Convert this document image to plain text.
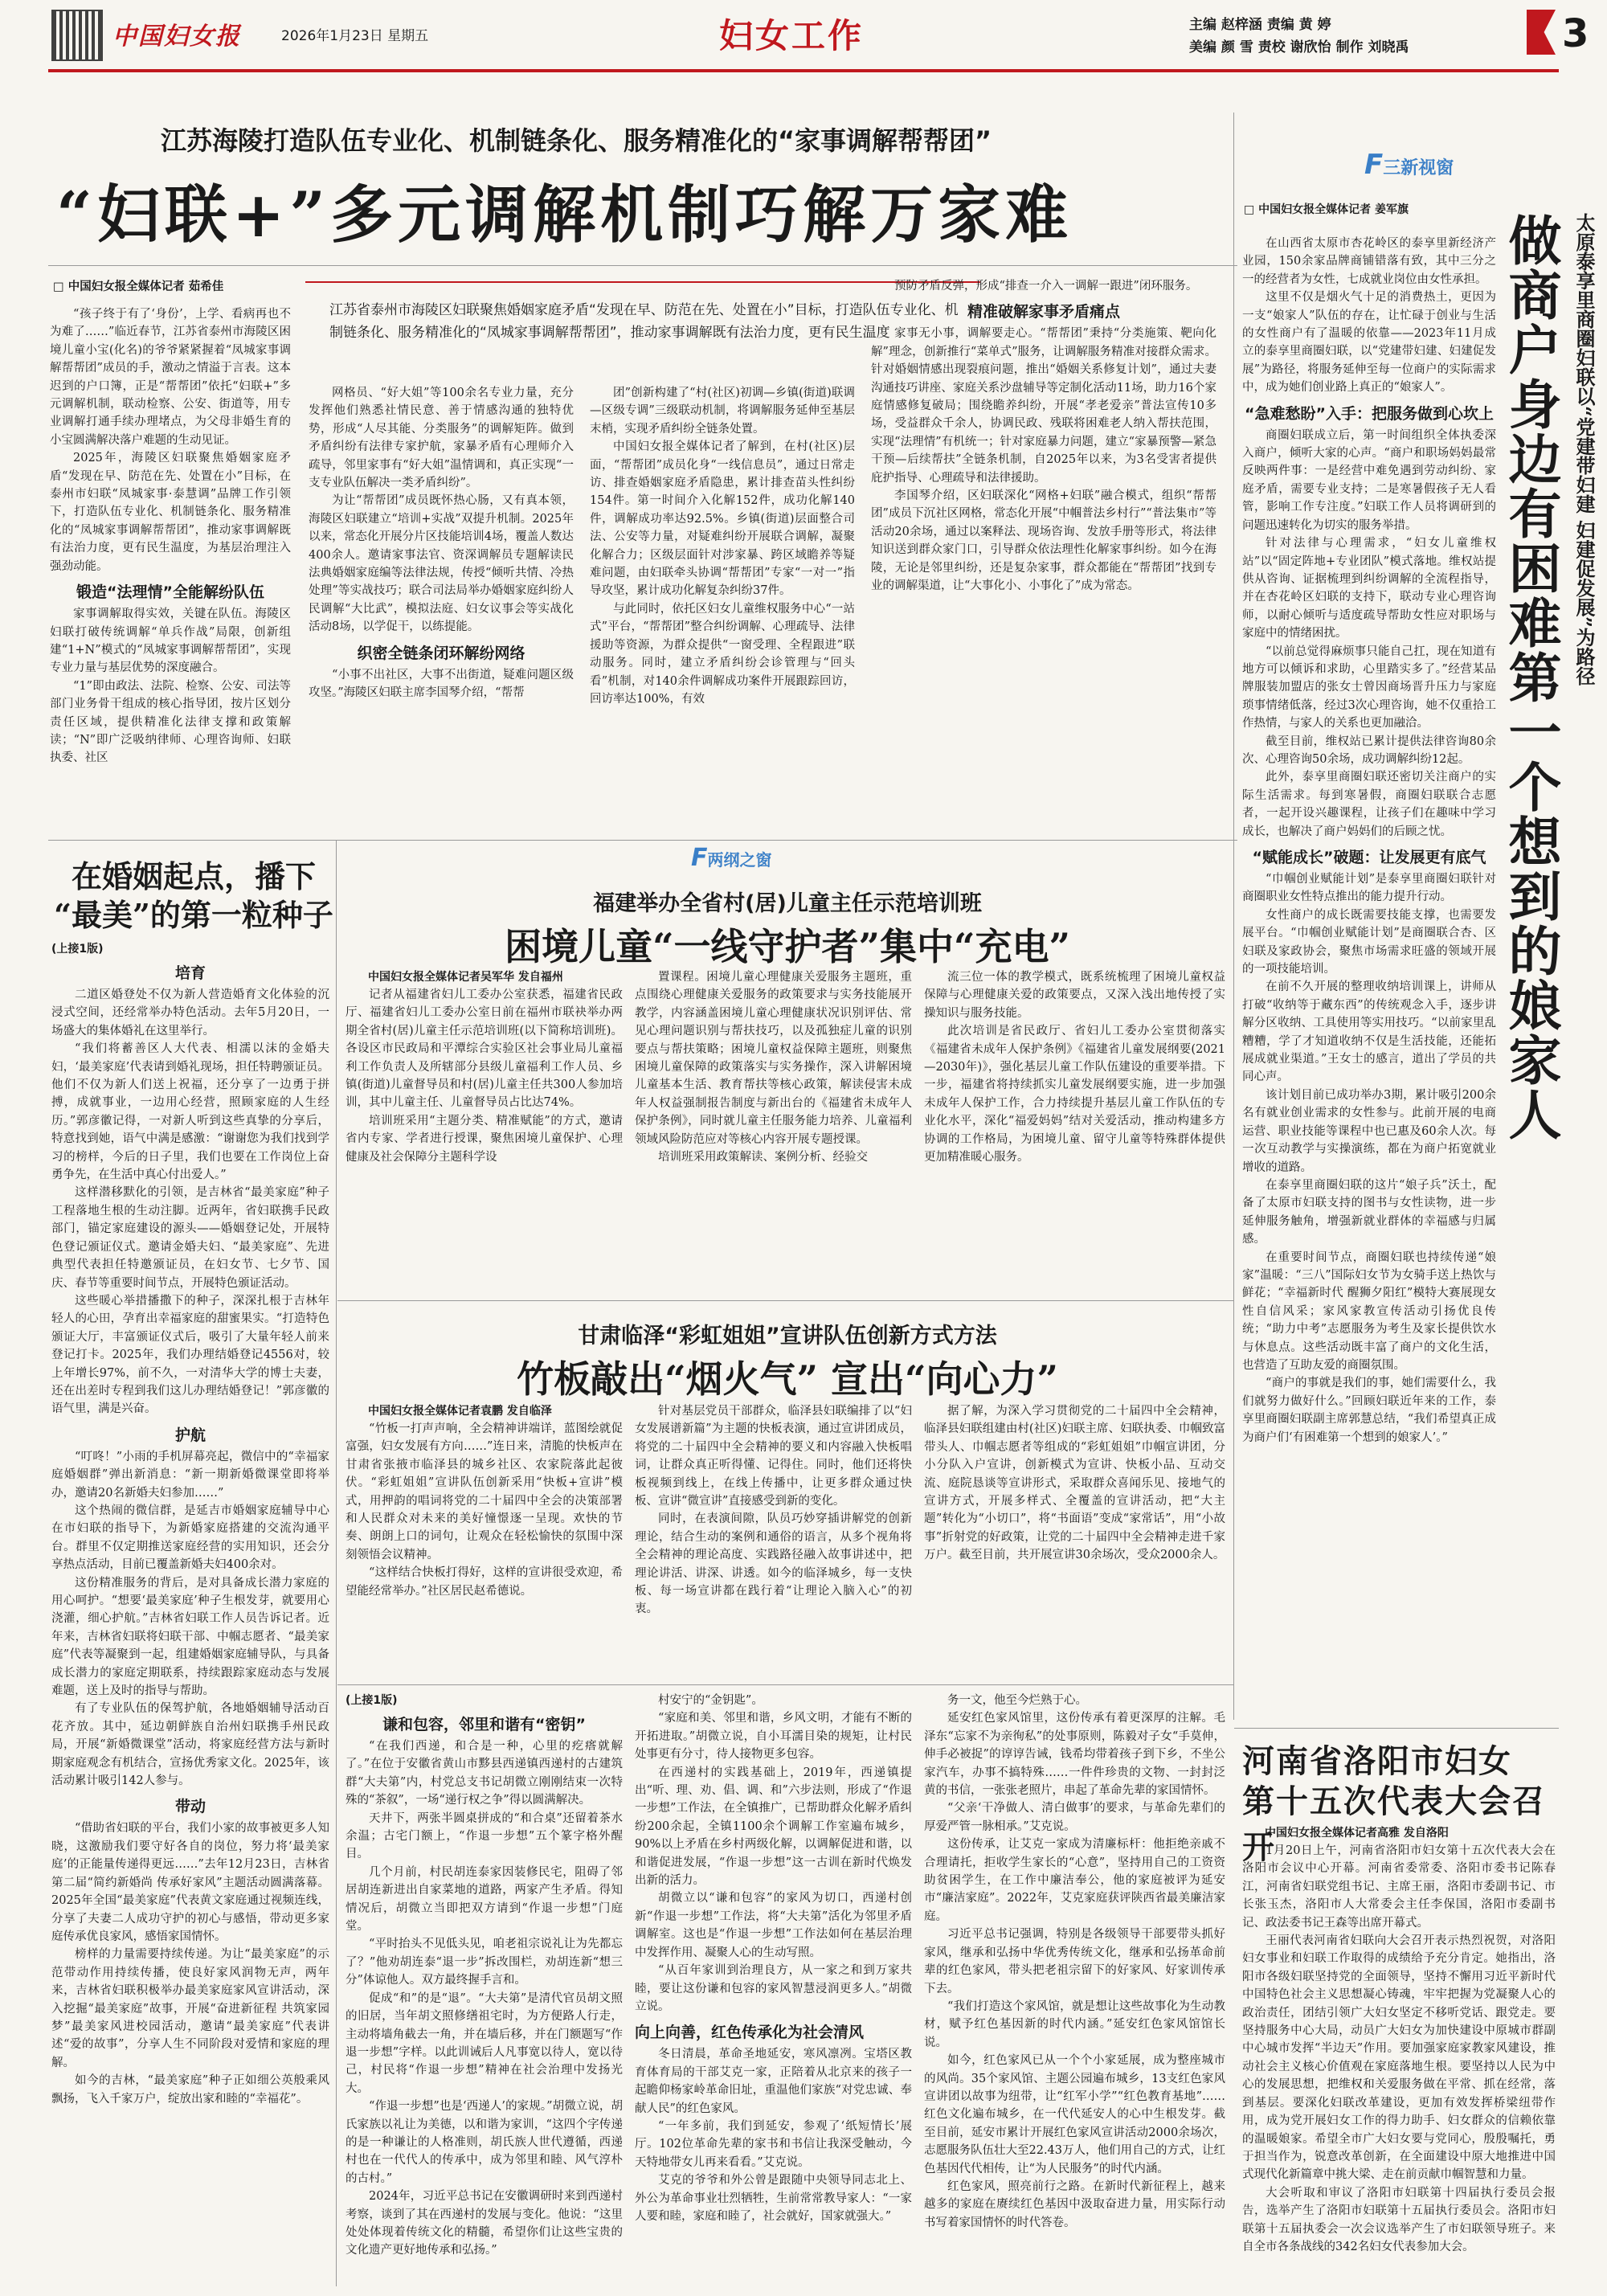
中国妇女报	2026年1月23日 星期五	妇女工作	主编 赵梓涵 责编 黄 婷
美编 颜 雪 责校 谢欣怡 制作 刘晓禹	3
江苏海陵打造队伍专业化、机制链条化、服务精准化的“家事调解帮帮团”
“妇联+”多元调解机制巧解万家难
□ 中国妇女报全媒体记者 茹希佳
江苏省泰州市海陵区妇联聚焦婚姻家庭矛盾“发现在早、防范在先、处置在小”目标，打造队伍专业化、机制链条化、服务精准化的“凤城家事调解帮帮团”，推动家事调解既有法治力度，更有民生温度

“孩子终于有了‘身份’，上学、看病再也不为难了……”临近春节，江苏省泰州市海陵区困境儿童小宝(化名)的爷爷紧紧握着“凤城家事调解帮帮团”成员的手，激动之情溢于言表。这本迟到的户口簿，正是“帮帮团”依托“妇联+”多元调解机制，联动检察、公安、街道等，用专业调解打通手续办理堵点，为父母非婚生育的小宝圆满解决落户难题的生动见证。

2025年，海陵区妇联聚焦婚姻家庭矛盾“发现在早、防范在先、处置在小”目标，在泰州市妇联“凤城家事·泰慧调”品牌工作引领下，打造队伍专业化、机制链条化、服务精准化的“凤城家事调解帮帮团”，推动家事调解既有法治力度，更有民生温度，为基层治理注入强劲动能。

锻造“法理情”全能解纷队伍

家事调解取得实效，关键在队伍。海陵区妇联打破传统调解“单兵作战”局限，创新组建“1+N”模式的“凤城家事调解帮帮团”，实现专业力量与基层优势的深度融合。

“1”即由政法、法院、检察、公安、司法等部门业务骨干组成的核心指导团，按片区划分责任区域，提供精准化法律支撑和政策解读；“N”即广泛吸纳律师、心理咨询师、妇联执委、社区

网格员、“好大姐”等100余名专业力量，充分发挥他们熟悉社情民意、善于情感沟通的独特优势，形成“人尽其能、分类服务”的调解矩阵。做到矛盾纠纷有法律专家护航，家暴矛盾有心理师介入疏导，邻里家事有“好大姐”温情调和，真正实现“一支专业队伍解决一类矛盾纠纷”。

为让“帮帮团”成员既怀热心肠，又有真本领，海陵区妇联建立“培训+实战”双提升机制。2025年以来，常态化开展分片区技能培训4场，覆盖人数达400余人。邀请家事法官、资深调解员专题解读民法典婚姻家庭编等法律法规，传授“倾听共情、冷热处理”等实战技巧；联合司法局举办婚姻家庭纠纷人民调解“大比武”，模拟法庭、妇女议事会等实战化活动8场，以学促干，以练提能。

织密全链条闭环解纷网络

“小事不出社区，大事不出街道，疑难问题区级攻坚。”海陵区妇联主席李国琴介绍，“帮帮

团”创新构建了“村(社区)初调—乡镇(街道)联调—区级专调”三级联动机制，将调解服务延伸至基层末梢，实现矛盾纠纷全链条处置。

中国妇女报全媒体记者了解到，在村(社区)层面，“帮帮团”成员化身“一线信息员”，通过日常走访、排查婚姻家庭矛盾隐患，累计排查苗头性纠纷154件。第一时间介入化解152件，成功化解140件，调解成功率达92.5%。乡镇(街道)层面整合司法、公安等力量，对疑难纠纷开展联合调解，凝聚化解合力；区级层面针对涉家暴、跨区域瞻养等疑难问题，由妇联牵头协调“帮帮团”专家“一对一”指导攻坚，累计成功化解复杂纠纷37件。

与此同时，依托区妇女儿童维权服务中心“一站式”平台，“帮帮团”整合纠纷调解、心理疏导、法律援助等资源，为群众提供“一窗受理、全程跟进”联动服务。同时，建立矛盾纠纷会诊管理与“回头看”机制，对140余件调解成功案件开展跟踪回访，回访率达100%，有效

预防矛盾反弹，形成“排查一介入一调解一跟进”闭环服务。

精准破解家事矛盾痛点

家事无小事，调解要走心。“帮帮团”秉持“分类施策、靶向化解”理念，创新推行“菜单式”服务，让调解服务精准对接群众需求。针对婚姻情感出现裂痕问题，推出“婚姻关系修复计划”，通过夫妻沟通技巧讲座、家庭关系沙盘辅导等定制化活动11场，助力16个家庭情感修复破局；围绕瞻养纠纷，开展“孝老爱亲”普法宣传10多场，受益群众千余人，协调民政、残联将困难老人纳入帮扶范围，实现“法理情”有机统一；针对家庭暴力问题，建立“家暴预警—紧急干预—后续帮扶”全链条机制，自2025年以来，为3名受害者提供庇护指导、心理疏导和法律援助。

李国琴介绍，区妇联深化“网格+妇联”融合模式，组织“帮帮团”成员下沉社区网格，常态化开展“中帼普法乡村行”“普法集市”等活动20余场，通过以案释法、现场咨询、发放手册等形式，将法律知识送到群众家门口，引导群众依法理性化解家事纠纷。如今在海陵，无论是邻里纠纷，还是复杂家事，群众都能在“帮帮团”找到专业的调解渠道，让“大事化小、小事化了”成为常态。

F三新视窗
□ 中国妇女报全媒体记者 姜军旗
做商户身边有困难第一个想到的娘家人 太原泰享里商圈妇联以“党建带妇建 妇建促发展”为路径

在山西省太原市杏花岭区的泰享里新经济产业园，150余家品牌商铺错落有致，其中三分之一的经营者为女性，七成就业岗位由女性承担。

这里不仅是烟火气十足的消费热土，更因为一支“娘家人”队伍的存在，让忙碌于创业与生活的女性商户有了温暖的依靠——2023年11月成立的泰享里商圈妇联，以“党建带妇建、妇建促发展”为路径，将服务延伸至每一位商户的实际需求中，成为她们创业路上真正的“娘家人”。

“急难愁盼”入手：把服务做到心坎上

商圈妇联成立后，第一时间组织全体执委深入商户，倾听大家的心声。“商户和职场妈妈最常反映两件事：一是经营中难免遇到劳动纠纷、家庭矛盾，需要专业支持；二是寒暑假孩子无人看管，影响工作专注度。”妇联工作人员将调研到的问题迅速转化为切实的服务举措。

针对法律与心理需求，“妇女儿童维权站”以“固定阵地+专业团队”模式落地。维权站提供从咨询、证据梳理到纠纷调解的全流程指导，并在杏花岭区妇联的支持下，联动专业心理咨询师，以耐心倾听与适度疏导帮助女性应对职场与家庭中的情绪困扰。

“以前总觉得麻烦事只能自己扛，现在知道有地方可以倾诉和求助，心里踏实多了。”经营某品牌服装加盟店的张女士曾因商场晋升压力与家庭琐事情绪低落，经过3次心理咨询，她不仅重拾工作热情，与家人的关系也更加融洽。

截至目前，维权站已累计提供法律咨询80余次、心理咨询50余场，成功调解纠纷12起。

此外，泰享里商圈妇联还密切关注商户的实际生活需求。每到寒暑假，商圈妇联联合志愿者，一起开设兴趣课程，让孩子们在趣味中学习成长，也解决了商户妈妈们的后顾之忧。

“赋能成长”破题：让发展更有底气

“巾帼创业赋能计划”是泰享里商圈妇联针对商圈职业女性特点推出的能力提升行动。

女性商户的成长既需要技能支撑，也需要发展平台。“巾帼创业赋能计划”是商圈联合杏、区妇联及家政协会，聚焦市场需求旺盛的领域开展的一项技能培训。

在前不久开展的整理收纳培训课上，讲师从打破“收纳等于藏东西”的传统观念入手，逐步讲解分区收纳、工具使用等实用技巧。“以前家里乱糟糟，学了才知道收纳不仅是生活技能，还能拓展成就业渠道。”王女士的感言，道出了学员的共同心声。

该计划目前已成功举办3期，累计吸引200余名有就业创业需求的女性参与。此前开展的电商运营、职业技能等课程中也已惠及60余人次。每一次互动教学与实操演练，都在为商户拓宽就业增收的道路。

在泰享里商圈妇联的这片“娘子兵”沃土，配备了太原市妇联支持的图书与女性读物，进一步延伸服务触角，增强新就业群体的幸福感与归属感。

在重要时间节点，商圈妇联也持续传递“娘家”温暖：“三八”国际妇女节为女骑手送上热饮与鲜花；“幸福新时代 醒狮夕阳红”模特大赛展现女性自信风采；家风家教宣传活动引扬优良传统；“助力中考”志愿服务为考生及家长提供饮水与休息点。这些活动既丰富了商户的文化生活，也营造了互助友爱的商圈氛围。

“商户的事就是我们的事，她们需要什么，我们就努力做好什么。”回顾妇联近年来的工作，泰享里商圈妇联副主席郭慧总结，“我们希望真正成为商户们‘有困难第一个想到的娘家人’。”

在婚姻起点，播下
“最美”的第一粒种子
(上接1版)
培育

二道区婚登处不仅为新人营造婚育文化体验的沉浸式空间，还经常举办特色活动。去年5月20日，一场盛大的集体婚礼在这里举行。

“我们将蓄善区人大代表、相濡以沫的金婚夫妇，‘最美家庭’代表请到婚礼现场，担任特聘颁证员。他们不仅为新人们送上祝福，还分享了一边勇于拼搏，成就事业，一边用心经营，照顾家庭的人生经历。”郭彦徽记得，一对新人听到这些真挚的分享后，特意找到她，语气中满是感激：“谢谢您为我们找到学习的榜样，今后的日子里，我们也要在工作岗位上奋勇争先，在生活中真心付出爱人。”

这样潜移默化的引领，是吉林省“最美家庭”种子工程落地生根的生动注脚。近两年，省妇联携手民政部门，锚定家庭建设的源头——婚姻登记处，开展特色登记颁证仪式。邀请金婚夫妇、“最美家庭”、先进典型代表担任特邀颁证员，在妇女节、七夕节、国庆、春节等重要时间节点，开展特色颁证活动。

这些暖心举措播撒下的种子，深深扎根于吉林年轻人的心田，孕育出幸福家庭的甜蜜果实。“打造特色颁证大厅，丰富颁证仪式后，吸引了大量年轻人前来登记打卡。2025年，我们办理结婚登记4556对，较上年增长97%，前不久，一对清华大学的博士夫妻，还在出差时专程到我们这儿办理结婚登记！”郭彦徽的语气里，满是兴奋。

护航

“叮咚！”小雨的手机屏幕亮起，微信中的“幸福家庭婚姻群”弹出新消息：“新一期新婚微课堂即将举办，邀请20名新婚夫妇参加……”

这个热闹的微信群，是延吉市婚姻家庭辅导中心在市妇联的指导下，为新婚家庭搭建的交流沟通平台。群里不仅定期推送家庭经营的实用知识，还会分享热点活动，目前已覆盖新婚夫妇400余对。

这份精准服务的背后，是对具备成长潜力家庭的用心呵护。“想要‘最美家庭’种子生根发芽，就要用心浇灌，细心护航。”吉林省妇联工作人员告诉记者。近年来，吉林省妇联将妇联干部、中帼志愿者、“最美家庭”代表等凝聚到一起，组建婚姻家庭辅导队，与具备成长潜力的家庭定期联系，持续跟踪家庭动态与发展难题，送上及时的指导与帮助。

有了专业队伍的保驾护航，各地婚姻辅导活动百花齐放。其中，延边朝鲜族自治州妇联携手州民政局，开展“新婚微课堂”活动，将家庭经营方法与新时期家庭观念有机结合，宣扬优秀家文化。2025年，该活动累计吸引142人参与。

带动

“借助省妇联的平台，我们小家的故事被更多人知晓，这激励我们要守好各自的岗位，努力将‘最美家庭’的正能量传递得更远……”去年12月23日，吉林省第二届“简约新婚尚 传承好家风”主题活动圆满落幕。2025年全国“最美家庭”代表黄文家庭通过视频连线，分享了夫妻二人成功守护的初心与感悟，带动更多家庭传承优良家风，感悟家国情怀。

榜样的力量需要持续传递。为让“最美家庭”的示范带动作用持续传播，使良好家风润物无声，两年来，吉林省妇联积极举办最美家庭家风宣讲活动，深入挖掘“最美家庭”故事，开展“奋进新征程 共筑家园梦”最美家风进校园活动，邀请“最美家庭”代表讲述“爱的故事”，分享人生不同阶段对爱情和家庭的理解。

如今的吉林，“最美家庭”种子正如细公英般乘风飘扬，飞入千家万户，绽放出家和睦的“幸福花”。

F两纲之窗
福建举办全省村(居)儿童主任示范培训班
困境儿童“一线守护者”集中“充电”
中国妇女报全媒体记者吴军华 发自福州

记者从福建省妇儿工委办公室获悉，福建省民政厅、福建省妇儿工委办公室日前在福州市联袂举办两期全省村(居)儿童主任示范培训班(以下简称培训班)。各设区市民政局和平潭综合实验区社会事业局儿童福利工作负责人及所辖部分县级儿童福利工作人员、乡镇(街道)儿童督导员和村(居)儿童主任共300人参加培训，其中儿童主任、儿童督导员占比达74%。

培训班采用“主题分类、精准赋能”的方式，邀请省内专家、学者进行授课，聚焦困境儿童保护、心理健康及社会保障分主题科学设

置课程。困境儿童心理健康关爱服务主题班，重点围绕心理健康关爱服务的政策要求与实务技能展开教学，内容涵盖困境儿童心理健康状况识别评估、常见心理问题识别与帮扶技巧，以及孤独症儿童的识别要点与帮扶策略；困境儿童权益保障主题班，则聚焦困境儿童保障的政策落实与实务操作，深入讲解困境儿童基本生活、教育帮扶等核心政策，解读侵害未成年人权益强制报告制度与新出台的《福建省未成年人保护条例》，同时就儿童主任服务能力培养、儿童福利领域风险防范应对等核心内容开展专题授课。

培训班采用政策解读、案例分析、经验交

流三位一体的教学模式，既系统梳理了困境儿童权益保障与心理健康关爱的政策要点，又深入浅出地传授了实操知识与服务技能。

此次培训是省民政厅、省妇儿工委办公室贯彻落实《福建省未成年人保护条例》《福建省儿童发展纲要(2021—2030年)》，强化基层儿童工作队伍建设的重要举措。下一步，福建省将持续抓实儿童发展纲要实施，进一步加强未成年人保护工作，合力持续提升基层儿童工作队伍的专业化水平，深化“福爱妈妈”结对关爱活动，推动构建多方协调的工作格局，为困境儿童、留守儿童等特殊群体提供更加精准暖心服务。

甘肃临泽“彩虹姐姐”宣讲队伍创新方式方法
竹板敲出“烟火气” 宣出“向心力”
中国妇女报全媒体记者袁鹏 发自临泽

“竹板一打声声响，全会精神讲端详，蓝图绘就促富强，妇女发展有方向……”连日来，清脆的快板声在甘肃省张掖市临泽县的城乡社区、农家院落此起彼伏。“彩虹姐姐”宣讲队伍创新采用“快板+宣讲”模式，用押韵的唱词将党的二十届四中全会的决策部署和人民群众对未来的美好憧憬逐一呈现。欢快的节奏、朗朗上口的词句，让观众在轻松愉快的氛围中深刻领悟会议精神。

“这样结合快板打得好，这样的宣讲很受欢迎，希望能经常举办。”社区居民赵希德说。

针对基层党员干部群众，临泽县妇联编排了以“妇女发展谱新篇”为主题的快板表演，通过宣讲团成员，将党的二十届四中全会精神的要义和内容融入快板唱词，让群众真正听得懂、记得住。同时，他们还将快板视频到线上，在线上传播中，让更多群众通过快板、宣讲“微宣讲”直接感受到新的变化。

同时，在表演间隙，队员巧妙穿插讲解党的创新理论，结合生动的案例和通俗的语言，从多个视角将全会精神的理论高度、实践路径融入故事讲述中，把理论讲活、讲深、讲透。如今的临泽城乡，每一支快板、每一场宣讲都在践行着“让理论入脑入心”的初衷。

据了解，为深入学习贯彻党的二十届四中全会精神，临泽县妇联组建由村(社区)妇联主席、妇联执委、巾帼致富带头人、巾帼志愿者等组成的“彩虹姐姐”巾帼宣讲团，分小分队入户宣讲，创新模式为宣讲、快板小品、互动交流、庭院恳谈等宣讲形式，采取群众喜闻乐见、接地气的宣讲方式，开展多样式、全覆盖的宣讲活动，把“大主题”转化为“小切口”，将“书面语”变成“家常话”，用“小故事”折射党的好政策，让党的二十届四中全会精神走进千家万户。截至目前，共开展宣讲30余场次，受众2000余人。

(上接1版)
谦和包容，邻里和谐有“密钥”

“在我们西递，和合是一种，心里的疙瘩就解了。”在位于安徽省黄山市黟县西递镇西递村的古建筑群“大夫第”内，村党总支书记胡微立刚刚结束一次特殊的“茶叙”，一场“递行权之争”得以圆满解决。

天井下，两张半圆桌拼成的“和合桌”还留着茶水余温；古宅门额上，“作退一步想”五个篆字格外醒目。

几个月前，村民胡连泰家因装修民宅，阻碍了邻居胡连新进出自家菜地的道路，两家产生矛盾。得知情况后，胡微立当即把双方请到“作退一步想”门庭堂。

“平时抬头不见低头见，咱老祖宗说礼让为先都忘了？”他劝胡连泰“退一步”拆改围栏，劝胡连新“想三分”体谅他人。双方最终握手言和。

促成“和”的是“退”。“大夫第”是清代官员胡文照的旧居，当年胡文照修缮祖宅时，为方便路人行走，主动将墙角截去一角，并在墙后移，并在门额题写“作退一步想”字样。以此训诫后人凡事宽以待人，宽以待己，村民将“作退一步想”精神在社会治理中发扬光大。

“作退一步想”也是‘西递人’的家规。”胡微立说，胡氏家族以礼让为美德，以和谐为家训，“这四个字传递的是一种谦让的人格准则，胡氏族人世代遵循，西递村也在一代代人的传承中，成为邻里和睦、风气淳朴的古村。”

2024年，习近平总书记在安徽调研时来到西递村考察，谈到了其在西递村的发展与变化。他说：“这里处处体现着传统文化的精髓，希望你们让这些宝贵的文化遗产更好地传承和弘扬。”

村安宁的“金钥匙”。

“家庭和美、邻里和谐，乡风文明，才能有不断的开拓进取。”胡微立说，自小耳濡目染的规矩，让村民处事更有分寸，待人接物更多包容。

在西递村的实践基础上，2019年，西递镇提出“听、理、劝、倡、调、和”六步法则，形成了“作退一步想”工作法，在全镇推广，已帮助群众化解矛盾纠纷200余起，全镇1100余个调解工作室遍布城乡，90%以上矛盾在乡村两级化解，以调解促进和谐，以和谐促进发展，“作退一步想”这一古训在新时代焕发出新的活力。

胡微立以“谦和包容”的家风为切口，西递村创新“作退一步想”工作法，将“大夫第”活化为邻里矛盾调解室。这也是“作退一步想”工作法如何在基层治理中发挥作用、凝聚人心的生动写照。

“从百年家训到治理良方，从一家之和到万家共睦，要让这份谦和包容的家风智慧浸润更多人。”胡微立说。

向上向善，红色传承化为社会清风

冬日清晨，革命圣地延安，寒风凛冽。宝塔区教育体育局的干部艾克一家，正陪着从北京来的孩子一起瞻仰杨家岭革命旧址，重温他们家族“对党忠诚、奉献人民”的红色家风。

“一年多前，我们到延安，参观了‘纸短情长’展厅。102位革命先辈的家书和书信让我深受触动，今天特地带女儿再来看看。”艾克说。

艾克的爷爷和外公曾是跟随中央领导同志北上、外公为革命事业壮烈牺牲，生前常常教导家人：“一家人要和睦，家庭和睦了，社会就好，国家就强大。”

务一文，他至今烂熟于心。

延安红色家风馆里，这份传承有着更深厚的注解。毛泽东“忘家不为亲徇私”的处事原则，陈毅对子女“手莫伸，伸手必被捉”的谆谆告诫，钱希均带着孩子到下乡，不坐公家汽车，办事不搞特殊……一件件珍贵的文物、一封封泛黄的书信，一张张老照片，串起了革命先辈的家国情怀。

“父亲‘干净做人、清白做事’的要求，与革命先辈们的厚爱严管一脉相承。”艾克说。

这份传承，让艾克一家成为清廉标杆：他拒绝亲戚不合理请托，拒收学生家长的“心意”，坚持用自己的工资资助贫困学生，在工作中廉洁奉公，他的家庭被评为延安市“廉洁家庭”。2022年，艾克家庭获评陕西省最美廉洁家庭。

习近平总书记强调，特别是各级领导干部要带头抓好家风，继承和弘扬中华优秀传统文化，继承和弘扬革命前辈的红色家风，带头把老祖宗留下的好家风、好家训传承下去。

“我们打造这个家风馆，就是想让这些故事化为生动教材，赋予红色基因新的时代内涵。”延安红色家风馆馆长说。

如今，红色家风已从一个个小家延展，成为整座城市的风尚。35个家风馆、主题公园遍布城乡，13支红色家风宣讲团以故事为纽带，让“红军小学”“红色教育基地”……红色文化遍布城乡，在一代代延安人的心中生根发芽。截至目前，延安市累计开展红色家风宣讲活动2000余场次，志愿服务队伍壮大至22.43万人，他们用自己的方式，让红色基因代代相传，让“为人民服务”的时代内涵。

红色家风，照亮前行之路。在新时代新征程上，越来越多的家庭在赓续红色基因中汲取奋进力量，用实际行动书写着家国情怀的时代答卷。

河南省洛阳市妇女
第十五次代表大会召开
中国妇女报全媒体记者高雅 发自洛阳

1月20日上午，河南省洛阳市妇女第十五次代表大会在洛阳市会议中心开幕。河南省委常委、洛阳市委书记陈春江，河南省妇联党组书记、主席王丽，洛阳市委副书记、市长张玉杰，洛阳市人大常委会主任李保国，洛阳市委副书记、政法委书记王森等出席开幕式。

王丽代表河南省妇联向大会召开表示热烈祝贺，对洛阳妇女事业和妇联工作取得的成绩给予充分肯定。她指出，洛阳市各级妇联坚持党的全面领导，坚持不懈用习近平新时代中国特色社会主义思想凝心铸魂，牢牢把握为党凝聚人心的政治责任，团结引领广大妇女坚定不移听党话、跟党走。要坚持服务中心大局，动员广大妇女为加快建设中原城市群副中心城市发挥“半边天”作用。要加强家庭家教家风建设，推动社会主义核心价值观在家庭落地生根。要坚持以人民为中心的发展思想，把维权和关爱服务做在平常、抓在经常，落到基层。要深化妇联改革建设，更加有效发挥桥梁纽带作用，成为党开展妇女工作的得力助手、妇女群众的信赖依靠的温暖娘家。希望全市广大妇女要与党同心，殷殷嘱托，勇于担当作为，锐意改革创新，在全面建设中原大地推进中国式现代化新篇章中挑大梁、走在前贡献巾帼智慧和力量。

大会听取和审议了洛阳市妇联第十四届执行委员会报告，选举产生了洛阳市妇联第十五届执行委员会。洛阳市妇联第十五届执委会一次会议选举产生了市妇联领导班子。来自全市各条战线的342名妇女代表参加大会。
